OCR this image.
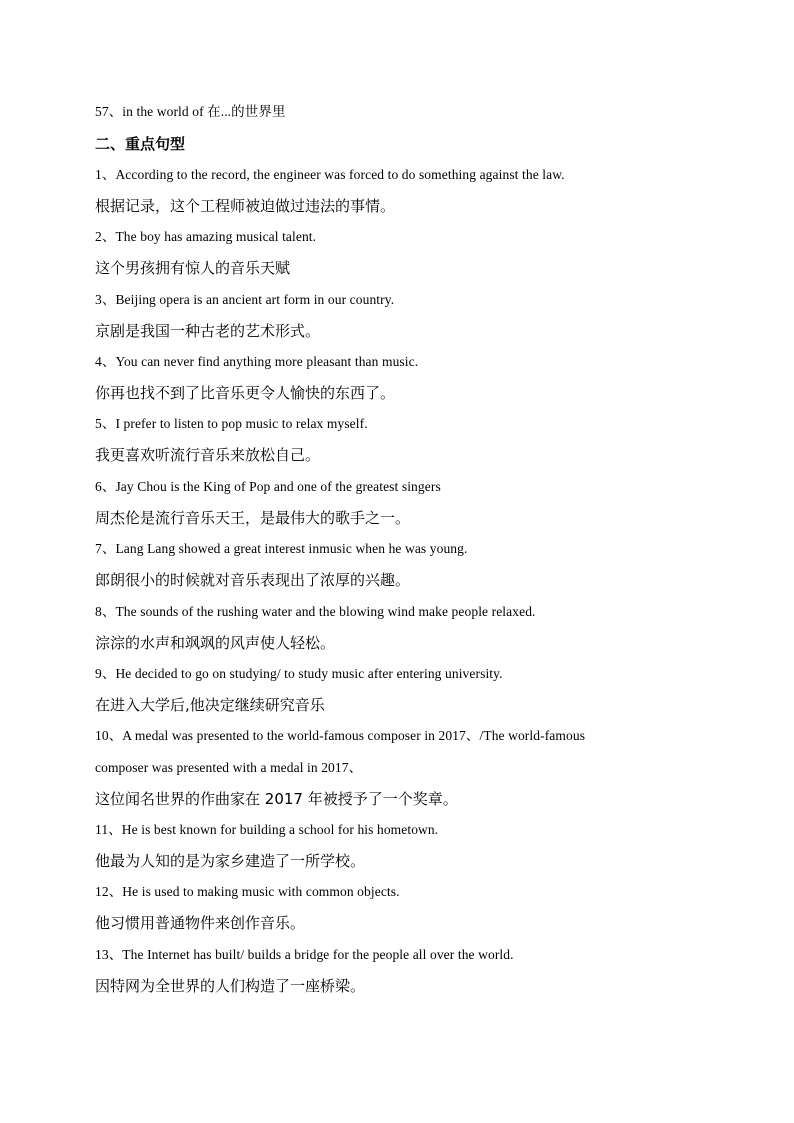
57、in the world of 在...的世界里
二、重点句型
1、According to the record, the engineer was forced to do something against the law.
根据记录，这个工程师被迫做过违法的事情。
2、The boy has amazing musical talent.
这个男孩拥有惊人的音乐天赋
3、Beijing opera is an ancient art form in our country.
京剧是我国一种古老的艺术形式。
4、You can never find anything more pleasant than music.
你再也找不到了比音乐更令人愉快的东西了。
5、I prefer to listen to pop music to relax myself.
我更喜欢听流行音乐来放松自己。
6、Jay Chou is the King of Pop and one of the greatest singers
周杰伦是流行音乐天王，是最伟大的歌手之一。
7、Lang Lang showed a great interest inmusic when he was young.
郎朗很小的时候就对音乐表现出了浓厚的兴趣。
8、The sounds of the rushing water and the blowing wind make people relaxed.
淙淙的水声和飒飒的风声使人轻松。
9、He decided to go on studying/ to study music after entering university.
在进入大学后,他决定继续研究音乐
10、A medal was presented to the world-famous composer in 2017、/The world-famous
composer was presented with a medal in 2017、
这位闻名世界的作曲家在 2017 年被授予了一个奖章。
11、He is best known for building a school for his hometown.
他最为人知的是为家乡建造了一所学校。
12、He is used to making music with common objects.
他习惯用普通物件来创作音乐。
13、The Internet has built/ builds a bridge for the people all over the world.
因特网为全世界的人们构造了一座桥梁。
